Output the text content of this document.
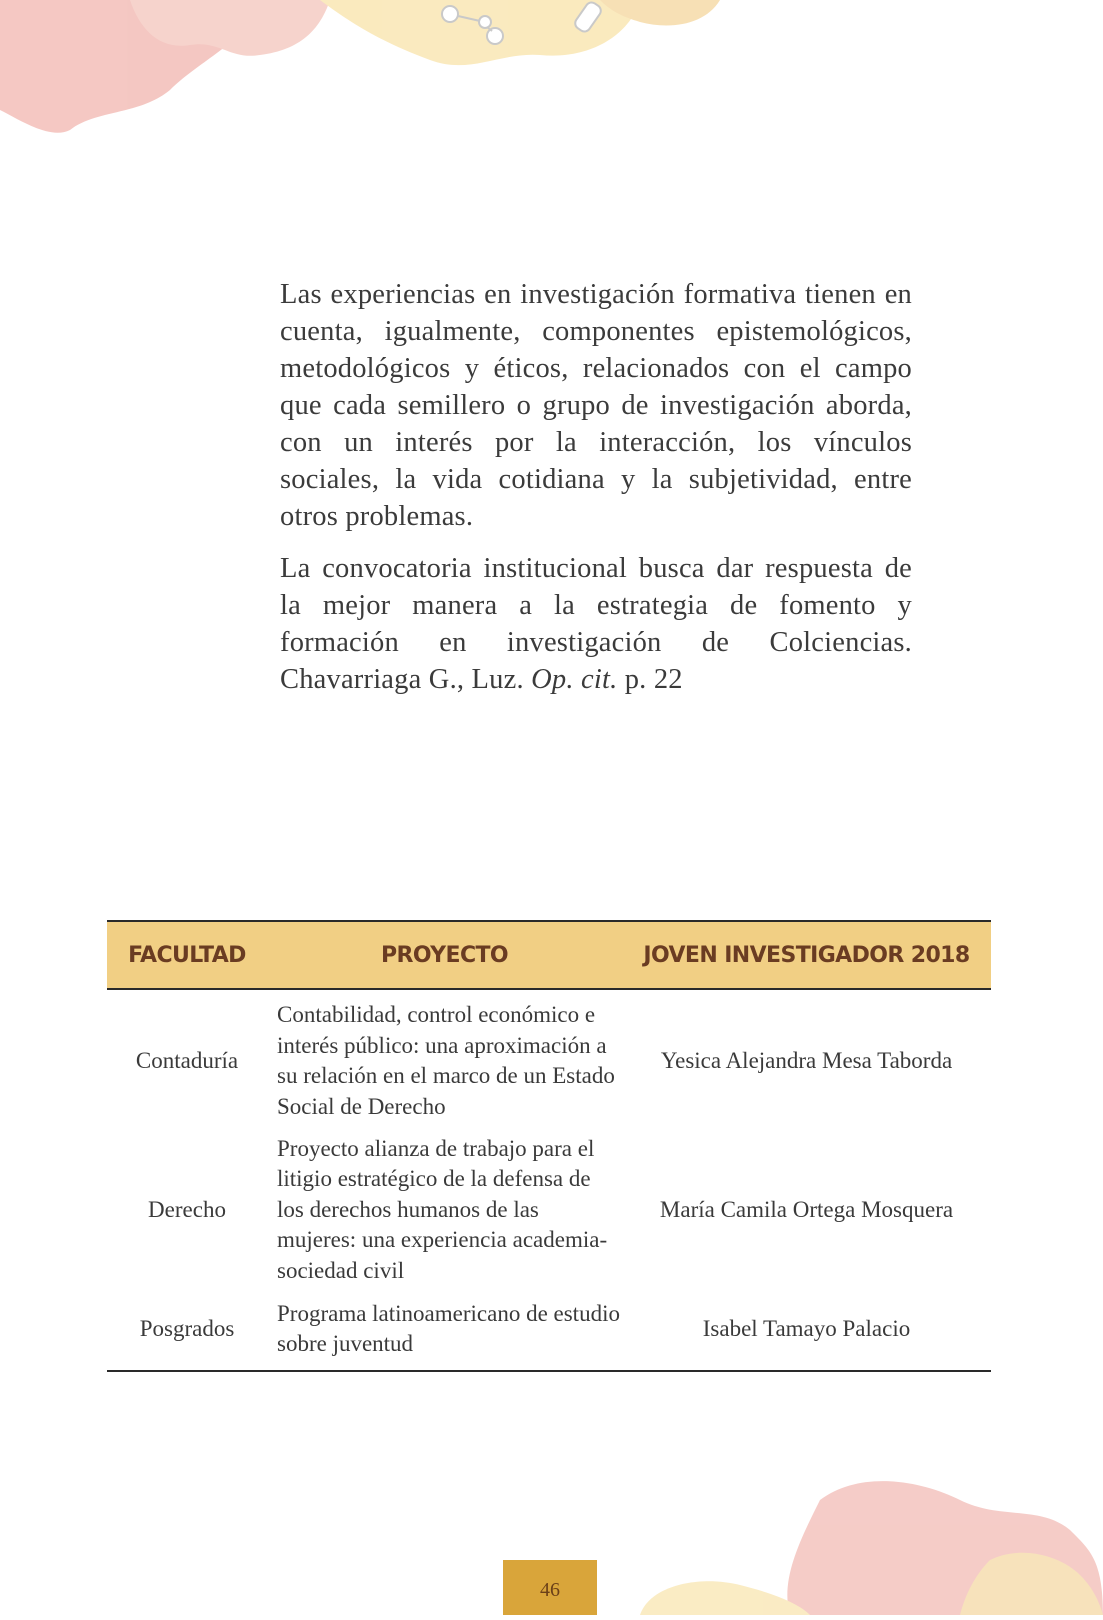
Las experiencias en investigación formativa tienen en cuenta, igualmente, componentes epistemológicos, metodológicos y éticos, relacionados con el campo que cada semillero o grupo de investigación aborda, con un interés por la interacción, los vínculos sociales, la vida cotidiana y la subjetividad, entre otros problemas.

La convocatoria institucional busca dar respuesta de la mejor manera a la estrategia de fomento y formación en investigación de Colciencias. Chavarriaga G., Luz. Op. cit. p. 22

FACULTAD	PROYECTO	JOVEN INVESTIGADOR 2018
Contaduría	Contabilidad, control económico e interés público: una aproximación a su relación en el marco de un Estado Social de Derecho	Yesica Alejandra Mesa Taborda
Derecho	Proyecto alianza de trabajo para el litigio estratégico de la defensa de los derechos humanos de las mujeres: una experiencia academia-sociedad civil	María Camila Ortega Mosquera
Posgrados	Programa latinoamericano de estudio sobre juventud	Isabel Tamayo Palacio
46
